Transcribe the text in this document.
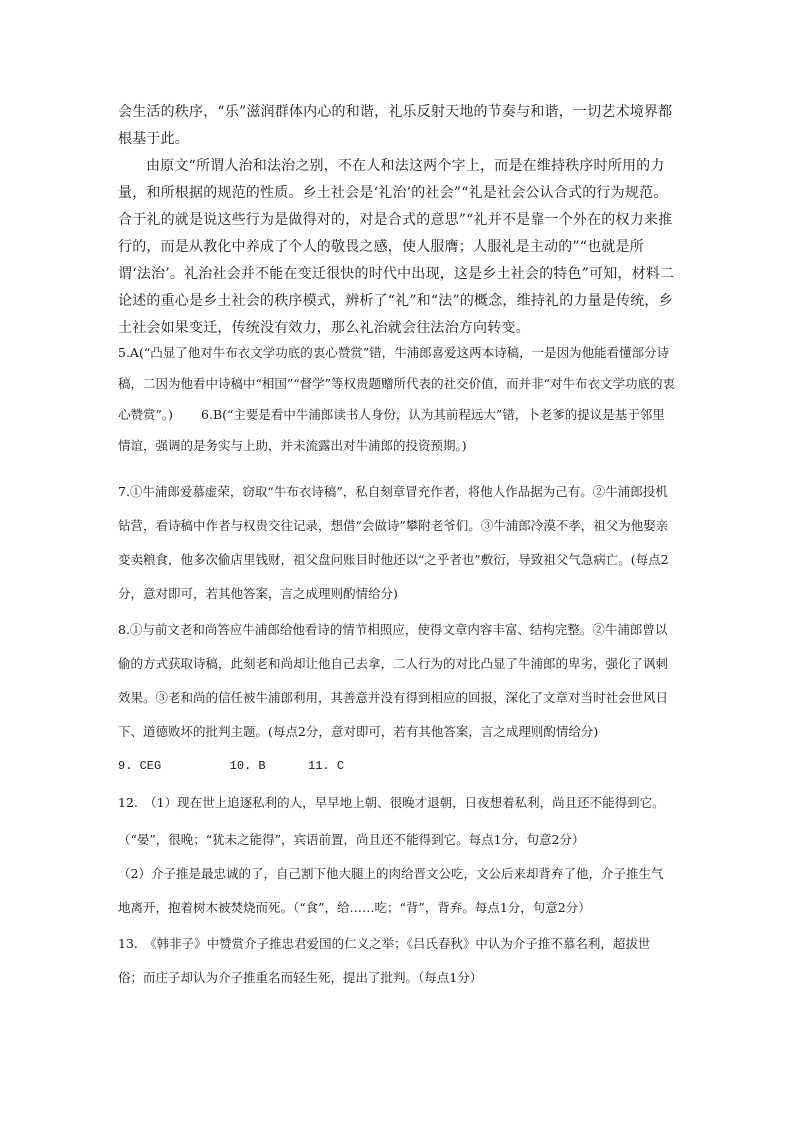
会生活的秩序，“乐”滋润群体内心的和谐，礼乐反射天地的节奏与和谐，一切艺术境界都根基于此。

由原文“所谓人治和法治之别，不在人和法这两个字上，而是在维持秩序时所用的力量，和所根据的规范的性质。乡土社会是‘礼治’的社会”“礼是社会公认合式的行为规范。合于礼的就是说这些行为是做得对的，对是合式的意思”“礼并不是靠一个外在的权力来推行的，而是从教化中养成了个人的敬畏之感，使人服膺；人服礼是主动的”“也就是所谓‘法治’。礼治社会并不能在变迁很快的时代中出现，这是乡土社会的特色”可知，材料二论述的重心是乡土社会的秩序模式，辨析了“礼”和“法”的概念，维持礼的力量是传统，乡土社会如果变迁，传统没有效力，那么礼治就会往法治方向转变。

5.A(“凸显了他对牛布衣文学功底的衷心赞赏”错，牛浦郎喜爱这两本诗稿，一是因为他能看懂部分诗稿，二因为他看中诗稿中“相国”“督学”等权贵题赠所代表的社交价值，而并非“对牛布衣文学功底的衷心赞赏”。) 6.B(“主要是看中牛浦郎读书人身份，认为其前程远大”错，卜老爹的提议是基于邻里情谊，强调的是务实与上助，并未流露出对牛浦郎的投资预期。)

7.①牛浦郎爱慕虚荣，窃取“牛布衣诗稿”，私自刻章冒充作者，将他人作品据为己有。②牛浦郎投机钻营，看诗稿中作者与权贵交往记录，想借“会做诗”攀附老爷们。③牛浦郎冷漠不孝，祖父为他娶亲变卖粮食，他多次偷店里钱财，祖父盘问账目时他还以“之乎者也”敷衍，导致祖父气急病亡。(每点2分，意对即可，若其他答案，言之成理则酌情给分)

8.①与前文老和尚答应牛浦郎给他看诗的情节相照应，使得文章内容丰富、结构完整。②牛浦郎曾以偷的方式获取诗稿，此刻老和尚却让他自己去拿，二人行为的对比凸显了牛浦郎的卑劣，强化了讽刺效果。③老和尚的信任被牛浦郎利用，其善意并没有得到相应的回报，深化了文章对当时社会世风日下、道德败坏的批判主题。(每点2分，意对即可，若有其他答案，言之成理则酌情给分)

9. CEG	10. B	11. C

12.　（1）现在世上追逐私利的人，早早地上朝、很晚才退朝，日夜想着私利，尚且还不能得到它。

（“晏”，很晚；“犹未之能得”，宾语前置，尚且还不能得到它。每点1分，句意2分）

（2）介子推是最忠诚的了，自己割下他大腿上的肉给晋文公吃，文公后来却背弃了他，介子推生气地离开，抱着树木被焚烧而死。（“食”，给……吃；“背”，背弃。每点1分，句意2分）

13.　《韩非子》中赞赏介子推忠君爱国的仁义之举；《吕氏春秋》中认为介子推不慕名利，超拔世俗；而庄子却认为介子推重名而轻生死，提出了批判。（每点1分）
